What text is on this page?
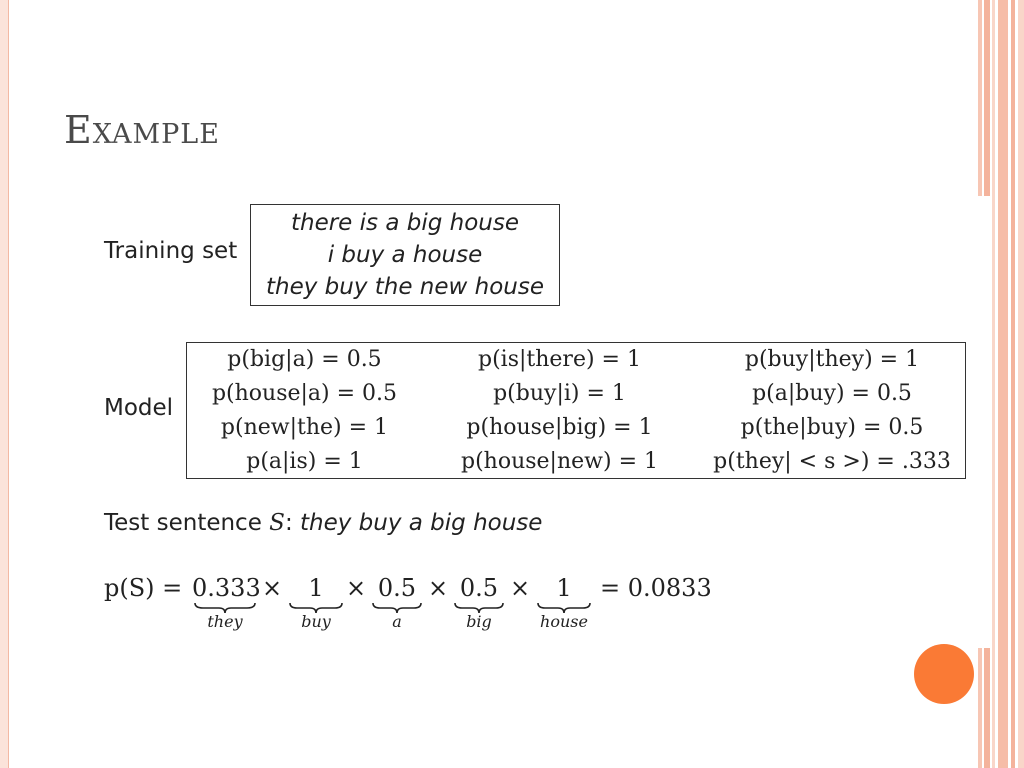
Example
Training set
there is a big house
i buy a house
they buy the new house
Model
p(big|a) = 0.5	p(is|there) = 1	p(buy|they) = 1
p(house|a) = 0.5	p(buy|i) = 1	p(a|buy) = 0.5
p(new|the) = 1	p(house|big) = 1	p(the|buy) = 0.5
p(a|is) = 1	p(house|new) = 1	p(they| < s >) = .333
Test sentence S: they buy a big house
p(S) = 0.333
they
×	1
buy
× 0.5
a
× 0.5
big
×	1
house
= 0.0833
